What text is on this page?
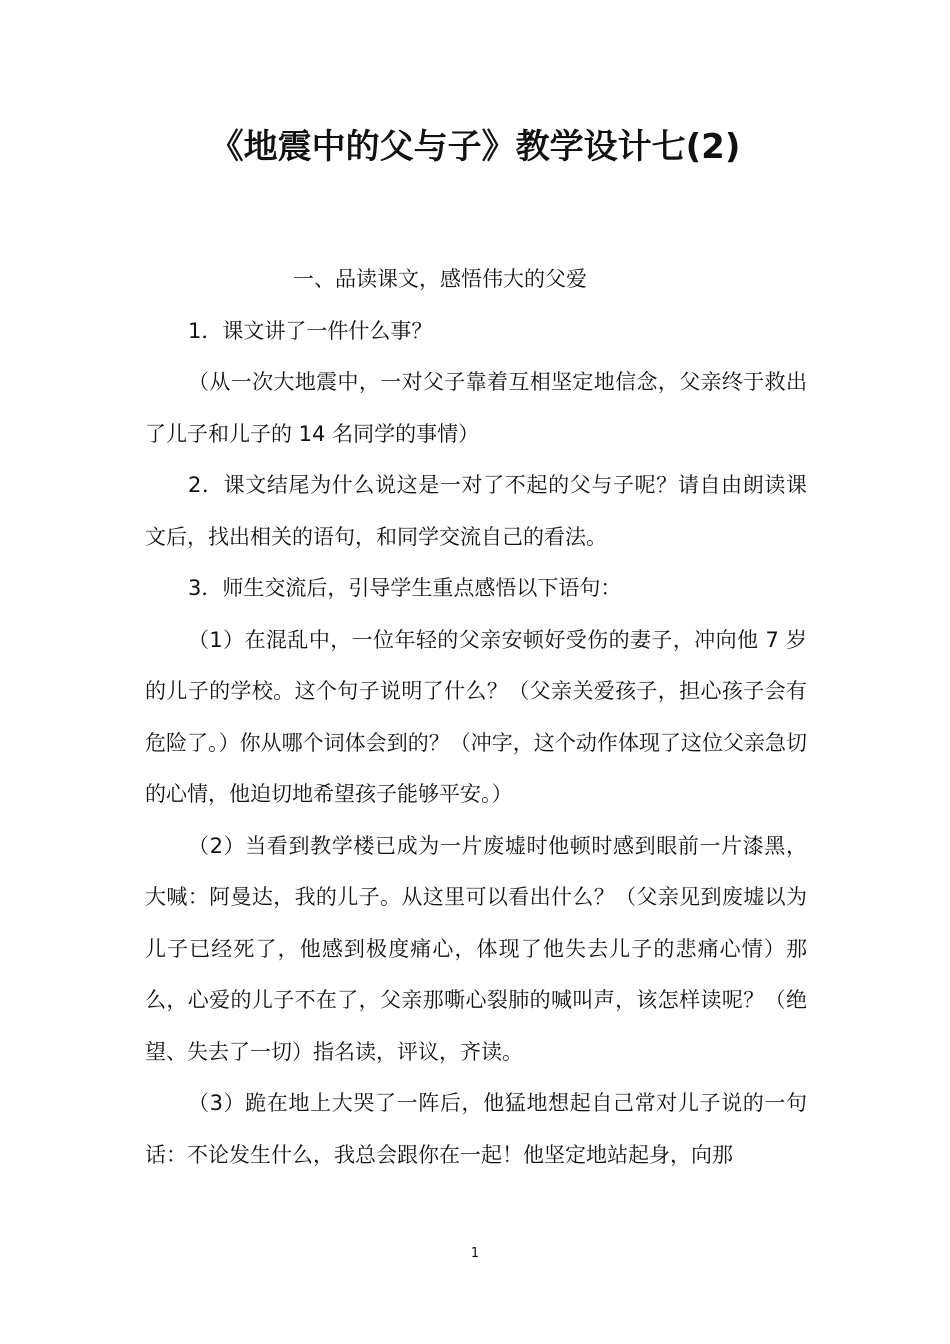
《地震中的父与子》教学设计七(2)

一、品读课文，感悟伟大的父爱

1．课文讲了一件什么事？

（从一次大地震中，一对父子靠着互相坚定地信念，父亲终于救出了儿子和儿子的 14 名同学的事情）

2．课文结尾为什么说这是一对了不起的父与子呢？请自由朗读课文后，找出相关的语句，和同学交流自己的看法。

3．师生交流后，引导学生重点感悟以下语句：

（1）在混乱中，一位年轻的父亲安顿好受伤的妻子，冲向他 7 岁的儿子的学校。这个句子说明了什么？（父亲关爱孩子，担心孩子会有危险了。）你从哪个词体会到的？（冲字，这个动作体现了这位父亲急切的心情，他迫切地希望孩子能够平安。）

（2）当看到教学楼已成为一片废墟时他顿时感到眼前一片漆黑，大喊：阿曼达，我的儿子。从这里可以看出什么？（父亲见到废墟以为儿子已经死了，他感到极度痛心，体现了他失去儿子的悲痛心情）那么，心爱的儿子不在了，父亲那嘶心裂肺的喊叫声，该怎样读呢？（绝望、失去了一切）指名读，评议，齐读。

（3）跪在地上大哭了一阵后，他猛地想起自己常对儿子说的一句话：不论发生什么，我总会跟你在一起！他坚定地站起身，向那

1
